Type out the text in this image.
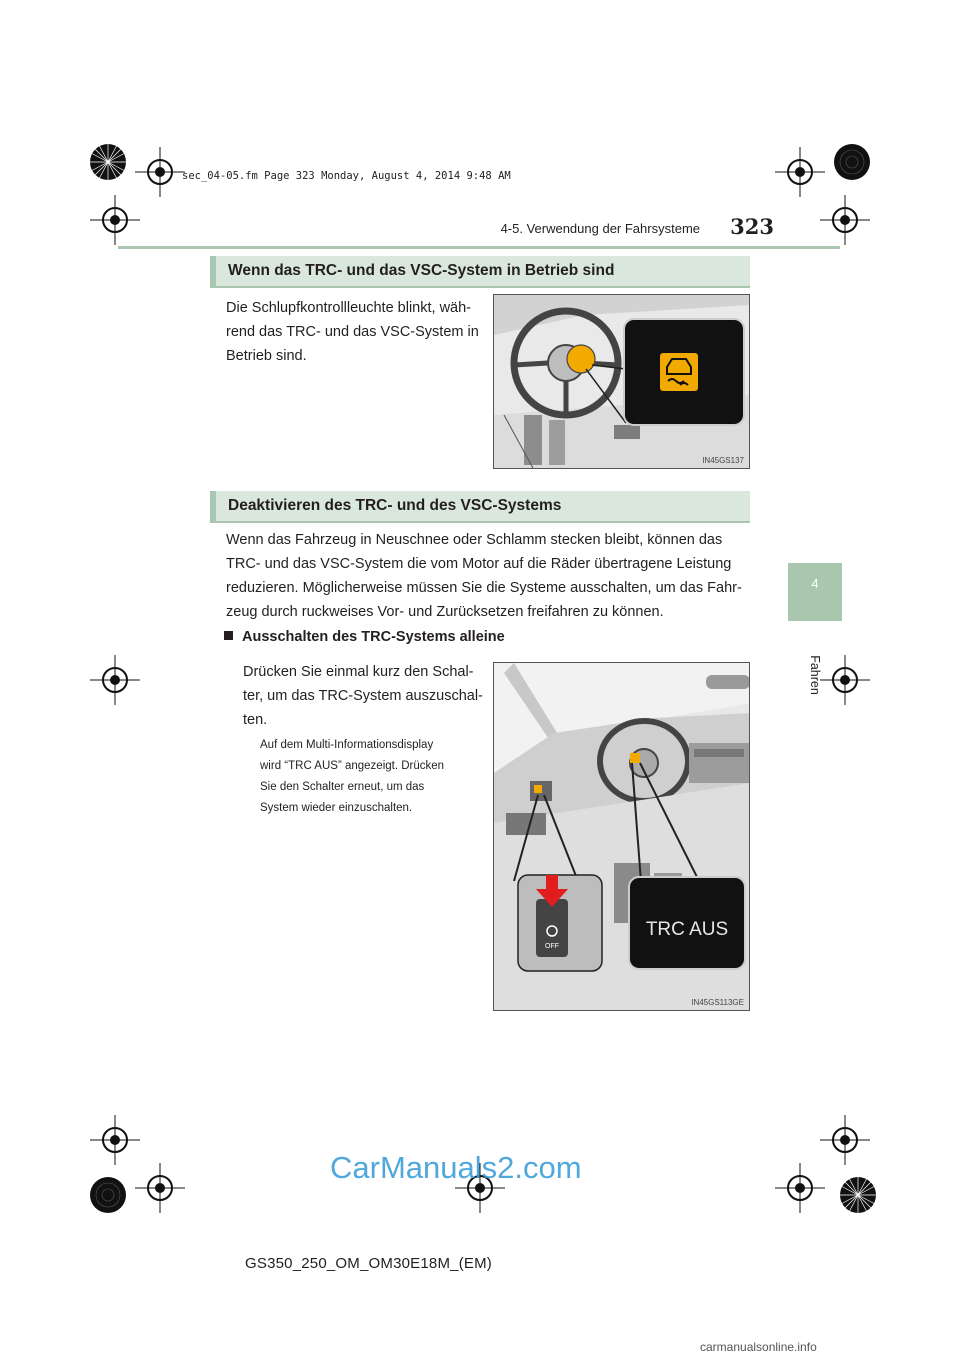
sec_04-05.fm Page 323 Monday, August 4, 2014 9:48 AM
4-5. Verwendung der Fahrsysteme	323
4
Fahren
Wenn das TRC- und das VSC-System in Betrieb sind
Die Schlupfkontrollleuchte blinkt, wäh-
rend das TRC- und das VSC-System in
Betrieb sind.
IN45GS137
Deaktivieren des TRC- und des VSC-Systems
Wenn das Fahrzeug in Neuschnee oder Schlamm stecken bleibt, können das
TRC- und das VSC-System die vom Motor auf die Räder übertragene Leistung
reduzieren. Möglicherweise müssen Sie die Systeme ausschalten, um das Fahr-
zeug durch ruckweises Vor- und Zurücksetzen freifahren zu können.
Ausschalten des TRC-Systems alleine
Drücken Sie einmal kurz den Schal-
ter, um das TRC-System auszuschal-
ten.
Auf dem Multi-Informationsdisplay
wird “TRC AUS” angezeigt. Drücken
Sie den Schalter erneut, um das
System wieder einzuschalten.
OFF
TRC AUS
IN45GS113GE
GS350_250_OM_OM30E18M_(EM)
CarManuals2.com
carmanualsonline.info
